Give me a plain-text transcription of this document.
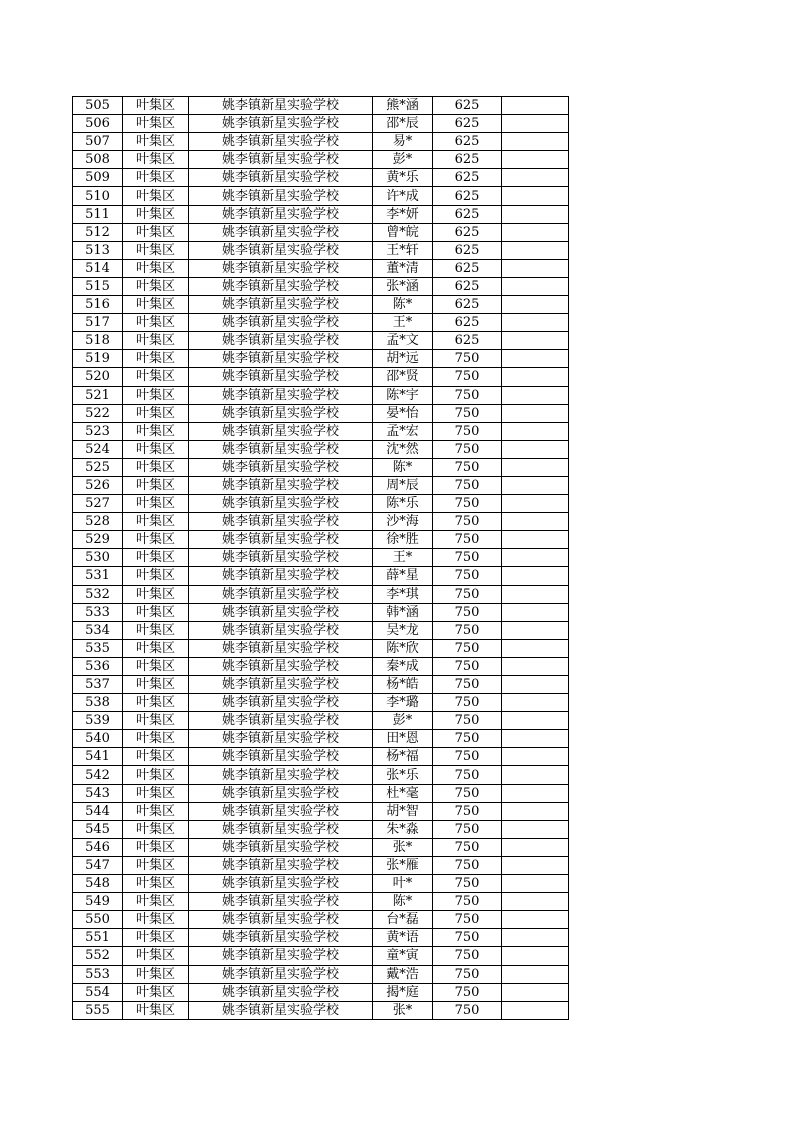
505	叶集区	姚李镇新星实验学校	熊*涵	625	
506	叶集区	姚李镇新星实验学校	邵*辰	625	
507	叶集区	姚李镇新星实验学校	易*	625	
508	叶集区	姚李镇新星实验学校	彭*	625	
509	叶集区	姚李镇新星实验学校	黄*乐	625	
510	叶集区	姚李镇新星实验学校	许*成	625	
511	叶集区	姚李镇新星实验学校	李*妍	625	
512	叶集区	姚李镇新星实验学校	曾*皖	625	
513	叶集区	姚李镇新星实验学校	王*轩	625	
514	叶集区	姚李镇新星实验学校	董*清	625	
515	叶集区	姚李镇新星实验学校	张*涵	625	
516	叶集区	姚李镇新星实验学校	陈*	625	
517	叶集区	姚李镇新星实验学校	王*	625	
518	叶集区	姚李镇新星实验学校	孟*文	625	
519	叶集区	姚李镇新星实验学校	胡*远	750	
520	叶集区	姚李镇新星实验学校	邵*贤	750	
521	叶集区	姚李镇新星实验学校	陈*宇	750	
522	叶集区	姚李镇新星实验学校	晏*怡	750	
523	叶集区	姚李镇新星实验学校	孟*宏	750	
524	叶集区	姚李镇新星实验学校	沈*然	750	
525	叶集区	姚李镇新星实验学校	陈*	750	
526	叶集区	姚李镇新星实验学校	周*辰	750	
527	叶集区	姚李镇新星实验学校	陈*乐	750	
528	叶集区	姚李镇新星实验学校	沙*海	750	
529	叶集区	姚李镇新星实验学校	徐*胜	750	
530	叶集区	姚李镇新星实验学校	王*	750	
531	叶集区	姚李镇新星实验学校	薛*星	750	
532	叶集区	姚李镇新星实验学校	李*琪	750	
533	叶集区	姚李镇新星实验学校	韩*涵	750	
534	叶集区	姚李镇新星实验学校	吴*龙	750	
535	叶集区	姚李镇新星实验学校	陈*欣	750	
536	叶集区	姚李镇新星实验学校	秦*成	750	
537	叶集区	姚李镇新星实验学校	杨*皓	750	
538	叶集区	姚李镇新星实验学校	李*璐	750	
539	叶集区	姚李镇新星实验学校	彭*	750	
540	叶集区	姚李镇新星实验学校	田*恩	750	
541	叶集区	姚李镇新星实验学校	杨*福	750	
542	叶集区	姚李镇新星实验学校	张*乐	750	
543	叶集区	姚李镇新星实验学校	杜*毫	750	
544	叶集区	姚李镇新星实验学校	胡*智	750	
545	叶集区	姚李镇新星实验学校	朱*淼	750	
546	叶集区	姚李镇新星实验学校	张*	750	
547	叶集区	姚李镇新星实验学校	张*雁	750	
548	叶集区	姚李镇新星实验学校	叶*	750	
549	叶集区	姚李镇新星实验学校	陈*	750	
550	叶集区	姚李镇新星实验学校	台*磊	750	
551	叶集区	姚李镇新星实验学校	黄*语	750	
552	叶集区	姚李镇新星实验学校	童*寅	750	
553	叶集区	姚李镇新星实验学校	戴*浩	750	
554	叶集区	姚李镇新星实验学校	揭*庭	750	
555	叶集区	姚李镇新星实验学校	张*	750	
